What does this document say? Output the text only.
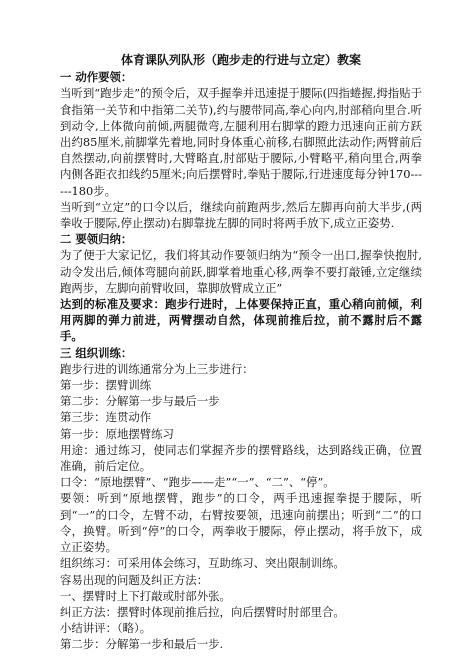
体育课队列队形（跑步走的行进与立定）教案
一 动作要领：

当听到“跑步走”的预令后，双手握拳并迅速提于腰际(四指蜷握,拇指贴于食指第一关节和中指第二关节),约与腰带同高,拳心向内,肘部稍向里合.听到动令,上体微向前倾,两腿微弯,左腿利用右脚掌的蹬力迅速向正前方跃出约85厘米,前脚掌先着地,同时身体重心前移,右脚照此法动作;两臂前后自然摆动,向前摆臂时,大臂略直,肘部贴于腰际,小臂略平,稍向里合,两拳内侧各距衣扣线约5厘米;向后摆臂时,拳贴于腰际,行进速度每分钟170------180步。

当听到“立定”的口令以后，继续向前跑两步,然后左脚再向前大半步,(两拳收于腰际,停止摆动)右脚靠拢左脚的同时将两手放下,成立正姿势.

二 要领归纳：

为了便于大家记忆，我们将其动作要领归纳为“预令一出口,握拳快抱肘,动令发出后,倾体弯腿向前跃,脚掌着地重心移,两拳不要打敲锤,立定继续跑两步，左脚向前臂收回，靠脚放臂成立正”

达到的标准及要求：跑步行进时，上体要保持正直，重心稍向前倾，利用两脚的弹力前进，两臂摆动自然，体现前推后拉，前不露肘后不露手。

三 组织训练：

跑步行进的训练通常分为上三步进行：

第一步：摆臂训练

第二步：分解第一步与最后一步

第三步：连贯动作

第一步：原地摆臂练习

用途：通过练习，使同志们掌握齐步的摆臂路线，达到路线正确，位置准确，前后定位。

口令：“原地摆臂”、“跑步——走”“一”、“二”、“停”。

要领：听到“原地摆臂，跑步”的口令，两手迅速握拳提于腰际，听到“一”的口令，左臂不动，右臂按要领，迅速向前摆出；听到“二”的口令，换臂。听到“停”的口令，两拳收于腰际，停止摆动，将手放下，成立正姿势。

组织练习：可采用体会练习，互助练习、突出限制训练。

容易出现的问题及纠正方法：

一、摆臂时上下打敲或肘部外张。

纠正方法：摆臂时体现前推后拉，向后摆臂时肘部里合。

小结讲评：（略）。

第二步：分解第一步和最后一步.
